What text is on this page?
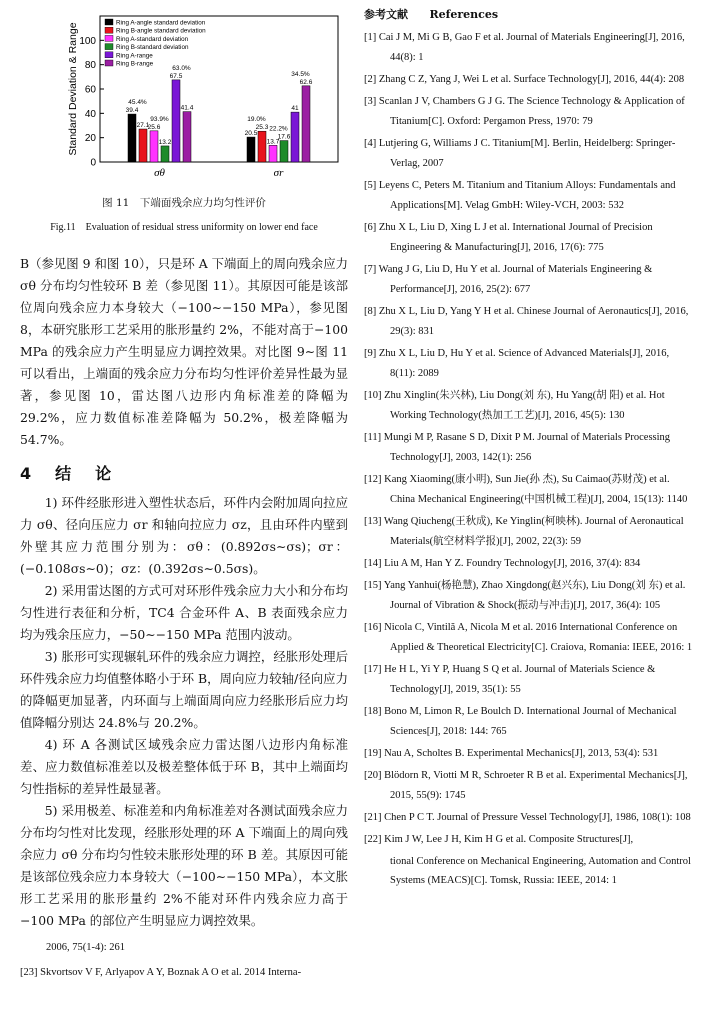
0
20
40
60
80
100
Standard Deviation & Range	39.4
27.1
25.6
13.2
67.5
41.4
45.4%
93.9%
63.0%
σθ
20.5
25.3
13.7
17.6
41
62.6
19.0%
22.2%
34.5%
σr
Ring A-angle standard deviation
Ring B-angle standard deviation
Ring A-standard deviation
Ring B-standard deviation
Ring A-range
Ring B-range
图 11　下端面残余应力均匀性评价
Fig.11　Evaluation of residual stress uniformity on lower end face

B（参见图 9 和图 10），只是环 A 下端面上的周向残余应力 σθ 分布均匀性较环 B 差（参见图 11）。其原因可能是该部位周向残余应力本身较大（−100∼−150 MPa），参见图 8，本研究胀形工艺采用的胀形量约 2%，不能对高于−100 MPa 的残余应力产生明显应力调控效果。对比图 9∼图 11 可以看出，上端面的残余应力分布均匀性评价差异性最为显著，参见图 10，雷达图八边形内角标准差的降幅为 29.2%，应力数值标准差降幅为 50.2%，极差降幅为 54.7%。

4　结　论

1) 环件经胀形进入塑性状态后，环件内会附加周向拉应力 σθ、径向压应力 σr 和轴向拉应力 σz，且由环件内壁到外壁其应力范围分别为：σθ：(0.892σs∼σs)；σr：(−0.108σs∼0)；σz：(0.392σs∼0.5σs)。

2) 采用雷达图的方式可对环形件残余应力大小和分布均匀性进行表征和分析，TC4 合金环件 A、B 表面残余应力均为残余压应力，−50∼−150 MPa 范围内波动。

3) 胀形可实现辗轧环件的残余应力调控，经胀形处理后环件残余应力均值整体略小于环 B，周向应力较轴/径向应力的降幅更加显著，内环面与上端面周向应力经胀形后应力均值降幅分别达 24.8%与 20.2%。

4) 环 A 各测试区域残余应力雷达图八边形内角标准差、应力数值标准差以及极差整体低于环 B，其中上端面均匀性指标的差异性最显著。

5) 采用极差、标准差和内角标准差对各测试面残余应力分布均匀性对比发现，经胀形处理的环 A 下端面上的周向残余应力 σθ 分布均匀性较未胀形处理的环 B 差。其原因可能是该部位残余应力本身较大（−100∼−150 MPa），本文胀形工艺采用的胀形量约 2%不能对环件内残余应力高于−100 MPa 的部位产生明显应力调控效果。

2006, 75(1-4): 261
[23] Skvortsov V F, Arlyapov A Y, Boznak A O et al. 2014 Interna-
参考文献 References

[1] Cai J M, Mi G B, Gao F et al. Journal of Materials Engineering[J], 2016, 44(8): 1

[2] Zhang C Z, Yang J, Wei L et al. Surface Technology[J], 2016, 44(4): 208

[3] Scanlan J V, Chambers G J G. The Science Technology & Application of Titanium[C]. Oxford: Pergamon Press, 1970: 79

[4] Lutjering G, Williams J C. Titanium[M]. Berlin, Heidelberg: Springer-Verlag, 2007

[5] Leyens C, Peters M. Titanium and Titanium Alloys: Fundamentals and Applications[M]. Velag GmbH: Wiley-VCH, 2003: 532

[6] Zhu X L, Liu D, Xing L J et al. International Journal of Precision Engineering & Manufacturing[J], 2016, 17(6): 775

[7] Wang J G, Liu D, Hu Y et al. Journal of Materials Engineering & Performance[J], 2016, 25(2): 677

[8] Zhu X L, Liu D, Yang Y H et al. Chinese Journal of Aeronautics[J], 2016, 29(3): 831

[9] Zhu X L, Liu D, Hu Y et al. Science of Advanced Materials[J], 2016, 8(11): 2089

[10] Zhu Xinglin(朱兴林), Liu Dong(刘 东), Hu Yang(胡 阳) et al. Hot Working Technology(热加工工艺)[J], 2016, 45(5): 130

[11] Mungi M P, Rasane S D, Dixit P M. Journal of Materials Processing Technology[J], 2003, 142(1): 256

[12] Kang Xiaoming(康小明), Sun Jie(孙 杰), Su Caimao(苏财茂) et al. China Mechanical Engineering(中国机械工程)[J], 2004, 15(13): 1140

[13] Wang Qiucheng(王秋成), Ke Yinglin(柯映林). Journal of Aeronautical Materials(航空材料学报)[J], 2002, 22(3): 59

[14] Liu A M, Han Y Z. Foundry Technology[J], 2016, 37(4): 834

[15] Yang Yanhui(杨艳慧), Zhao Xingdong(赵兴东), Liu Dong(刘 东) et al. Journal of Vibration & Shock(振动与冲击)[J], 2017, 36(4): 105

[16] Nicola C, Vintilă A, Nicola M et al. 2016 International Conference on Applied & Theoretical Electricity[C]. Craiova, Romania: IEEE, 2016: 1

[17] He H L, Yi Y P, Huang S Q et al. Journal of Materials Science & Technology[J], 2019, 35(1): 55

[18] Bono M, Limon R, Le Boulch D. International Journal of Mechanical Sciences[J], 2018: 144: 765

[19] Nau A, Scholtes B. Experimental Mechanics[J], 2013, 53(4): 531

[20] Blödorn R, Viotti M R, Schroeter R B et al. Experimental Mechanics[J], 2015, 55(9): 1745

[21] Chen P C T. Journal of Pressure Vessel Technology[J], 1986, 108(1): 108

[22] Kim J W, Lee J H, Kim H G et al. Composite Structures[J],

tional Conference on Mechanical Engineering, Automation and Control Systems (MEACS)[C]. Tomsk, Russia: IEEE, 2014: 1
